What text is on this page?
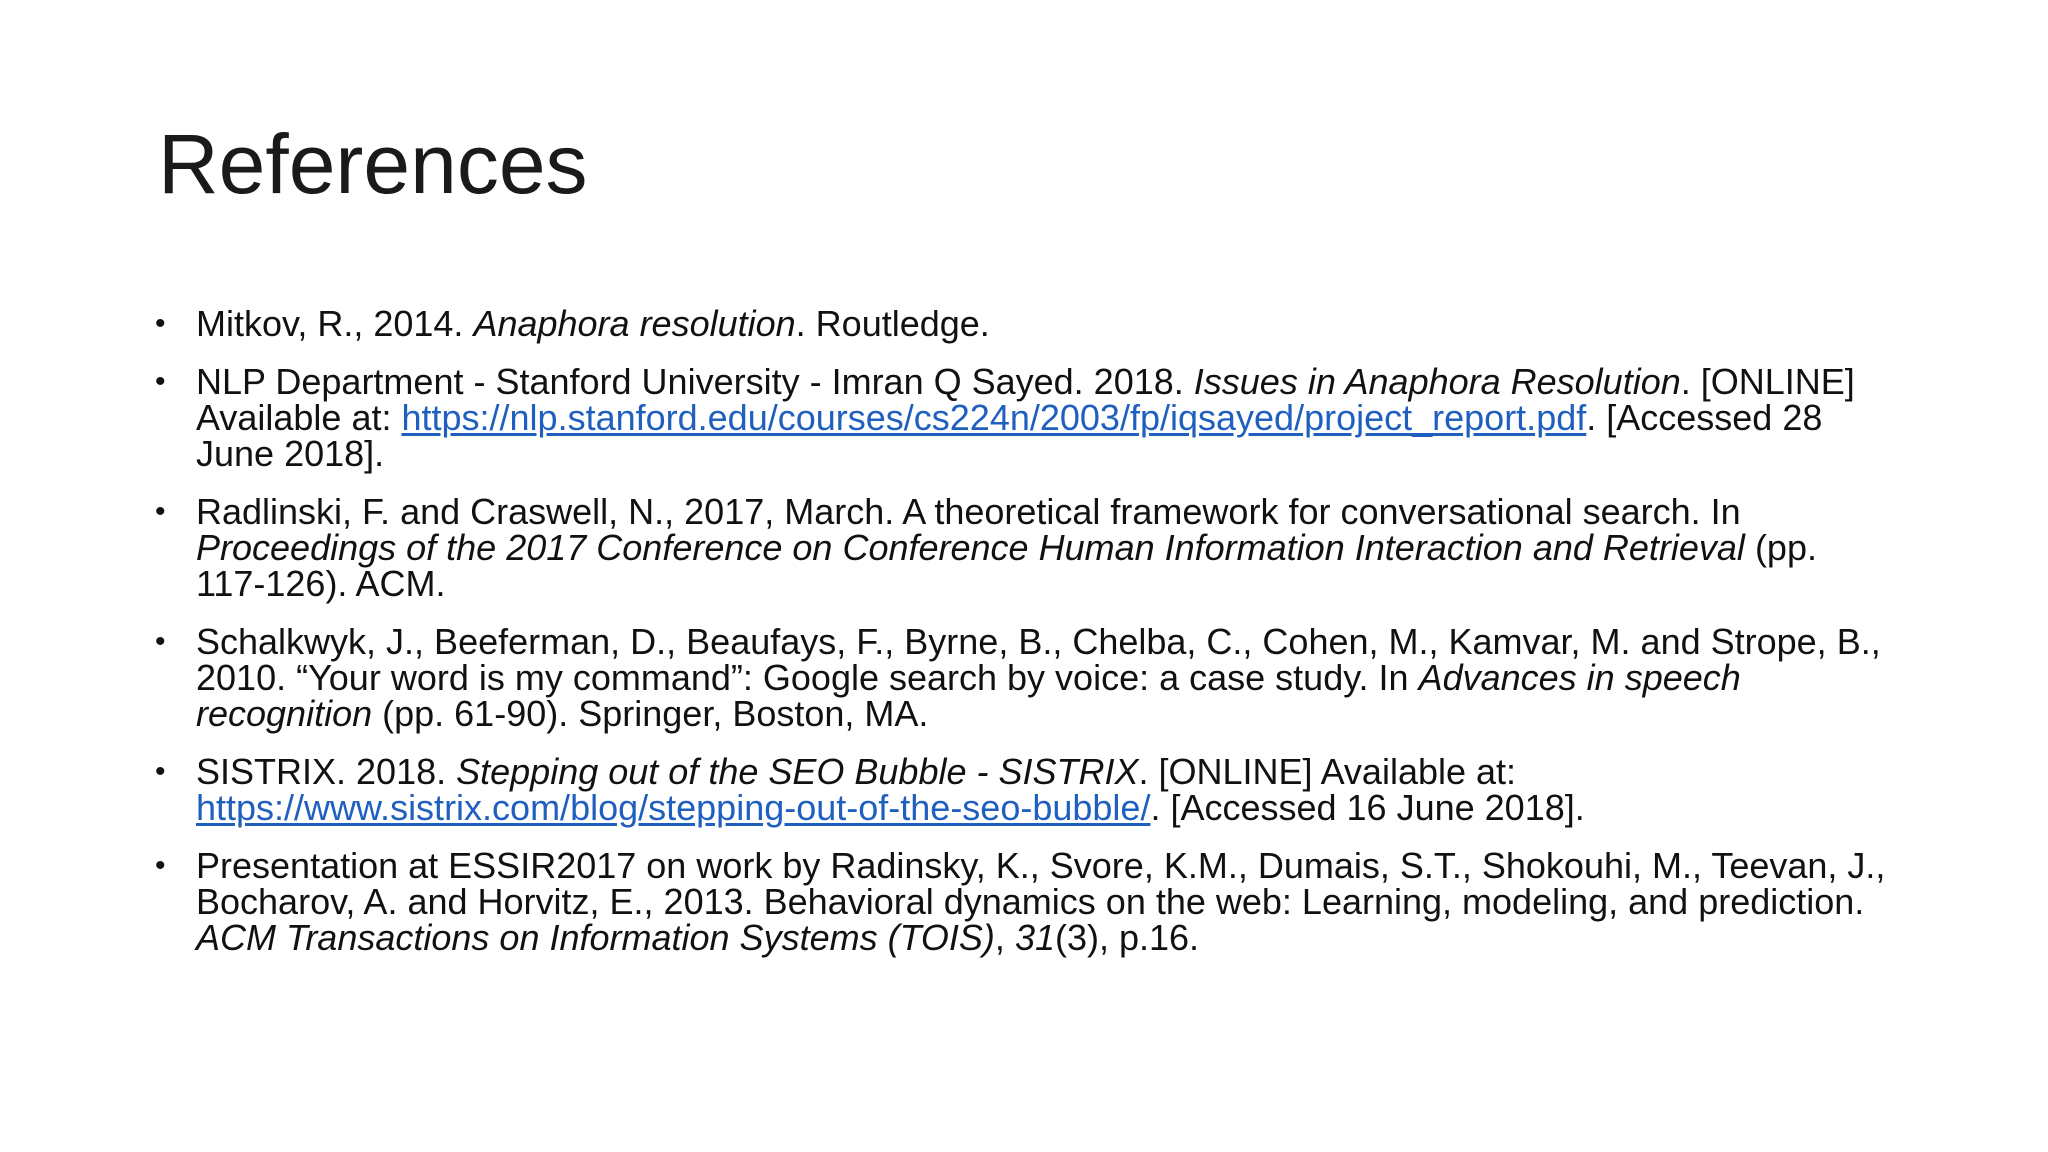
References
• Mitkov, R., 2014. Anaphora resolution. Routledge.
• NLP Department - Stanford University - Imran Q Sayed. 2018. Issues in Anaphora Resolution. [ONLINE] Available at: https://nlp.stanford.edu/courses/cs224n/2003/fp/iqsayed/project_report.pdf. [Accessed 28 June 2018].
• Radlinski, F. and Craswell, N., 2017, March. A theoretical framework for conversational search. In Proceedings of the 2017 Conference on Conference Human Information Interaction and Retrieval (pp. 117-126). ACM.
• Schalkwyk, J., Beeferman, D., Beaufays, F., Byrne, B., Chelba, C., Cohen, M., Kamvar, M. and Strope, B., 2010. “Your word is my command”: Google search by voice: a case study. In Advances in speech recognition (pp. 61-90). Springer, Boston, MA.
• SISTRIX. 2018. Stepping out of the SEO Bubble - SISTRIX. [ONLINE] Available at: https://www.sistrix.com/blog/stepping-out-of-the-seo-bubble/. [Accessed 16 June 2018].
• Presentation at ESSIR2017 on work by Radinsky, K., Svore, K.M., Dumais, S.T., Shokouhi, M., Teevan, J., Bocharov, A. and Horvitz, E., 2013. Behavioral dynamics on the web: Learning, modeling, and prediction. ACM Transactions on Information Systems (TOIS), 31(3), p.16.
